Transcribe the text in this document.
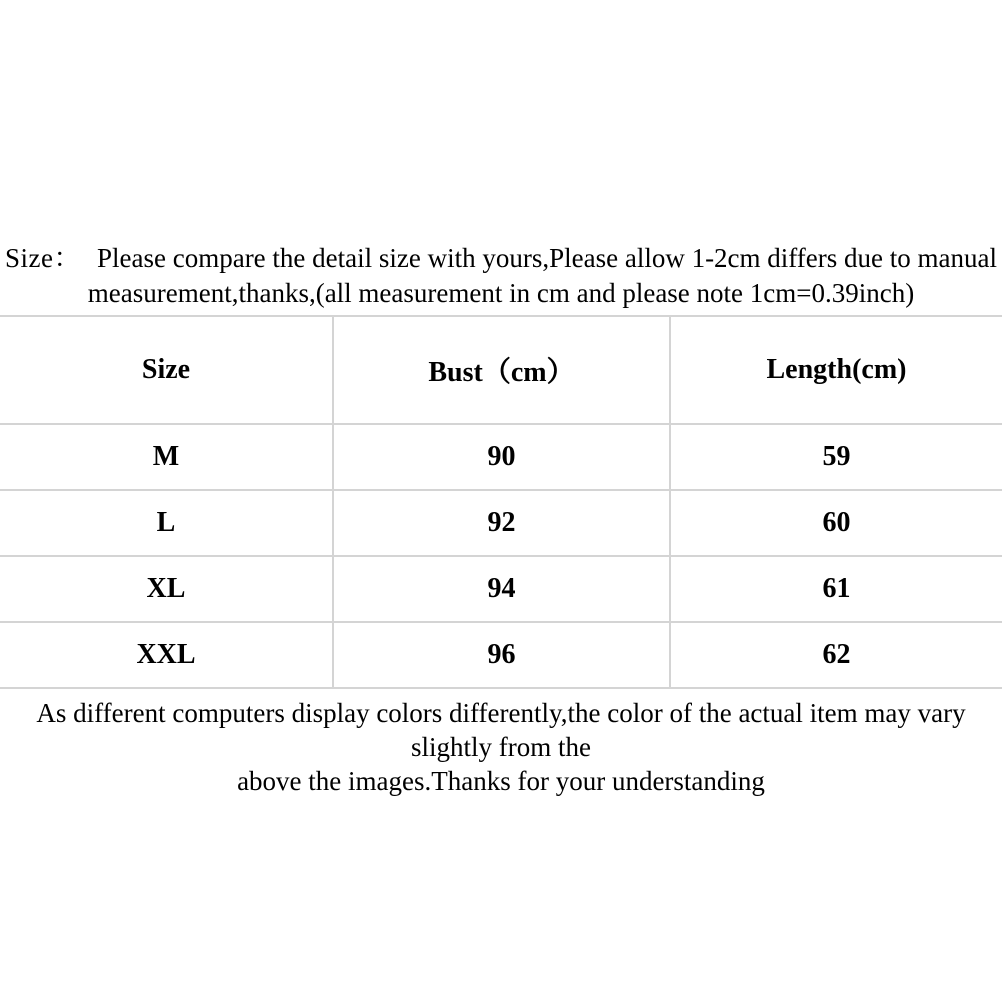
Size： Please compare the detail size with yours,Please allow 1-2cm differs due to manual
measurement,thanks,(all measurement in cm and please note 1cm=0.39inch)
Size	Bust（cm）	Length(cm)
M	90	59
L	92	60
XL	94	61
XXL	96	62
As different computers display colors differently,the color of the actual item may vary slightly from the
above the images.Thanks for your understanding
